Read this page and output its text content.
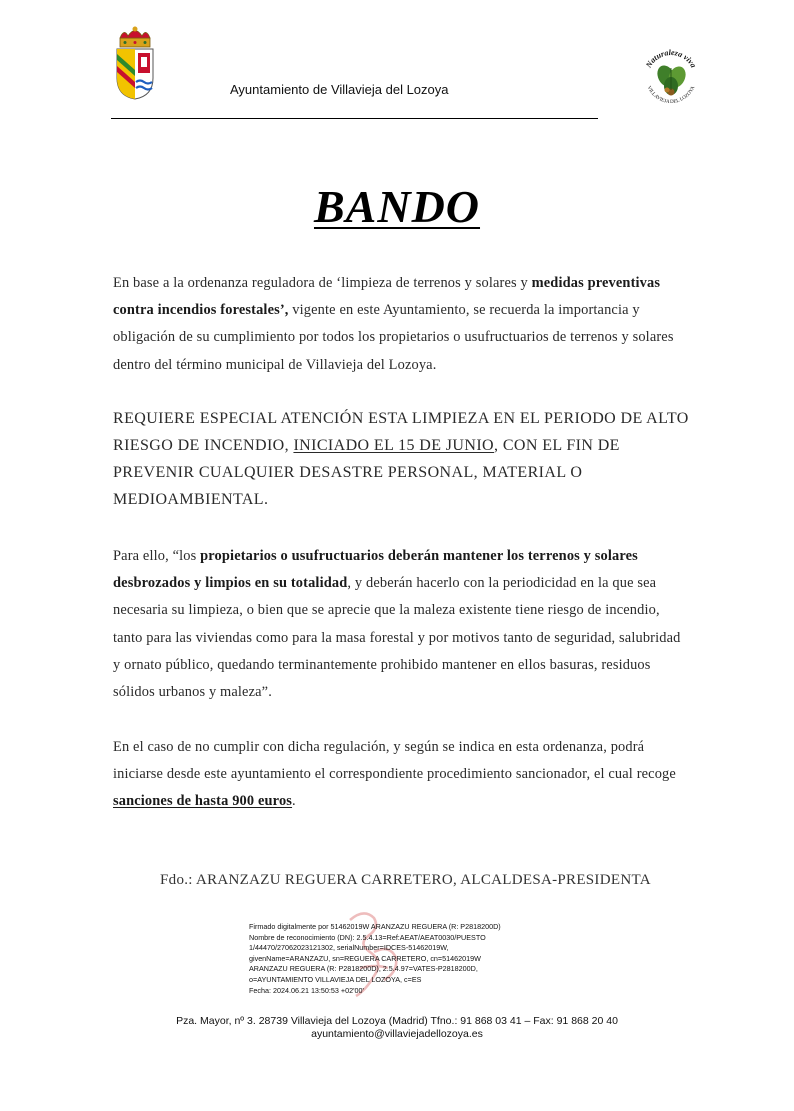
Ayuntamiento de Villavieja del Lozoya
Naturaleza viva
VILLAVIEJA DEL LOZOYA
BANDO
En base a la ordenanza reguladora de ‘limpieza de terrenos y solares y medidas preventivas contra incendios forestales’, vigente en este Ayuntamiento, se recuerda la importancia y obligación de su cumplimiento por todos los propietarios o usufructuarios de terrenos y solares dentro del término municipal de Villavieja del Lozoya.
REQUIERE ESPECIAL ATENCIÓN ESTA LIMPIEZA EN EL PERIODO DE ALTO RIESGO DE INCENDIO, INICIADO EL 15 DE JUNIO, CON EL FIN DE PREVENIR CUALQUIER DESASTRE PERSONAL, MATERIAL O MEDIOAMBIENTAL.
Para ello, “los propietarios o usufructuarios deberán mantener los terrenos y solares desbrozados y limpios en su totalidad, y deberán hacerlo con la periodicidad en la que sea necesaria su limpieza, o bien que se aprecie que la maleza existente tiene riesgo de incendio, tanto para las viviendas como para la masa forestal y por motivos tanto de seguridad, salubridad y ornato público, quedando terminantemente prohibido mantener en ellos basuras, residuos sólidos urbanos y maleza”.
En el caso de no cumplir con dicha regulación, y según se indica en esta ordenanza, podrá iniciarse desde este ayuntamiento el correspondiente procedimiento sancionador, el cual recoge sanciones de hasta 900 euros.
Fdo.: ARANZAZU REGUERA CARRETERO, ALCALDESA-PRESIDENTA
Firmado digitalmente por 51462019W ARANZAZU REGUERA (R: P2818200D)
Nombre de reconocimiento (DN): 2.5.4.13=Ref:AEAT/AEAT0030/PUESTO
1/44470/27062023121302, serialNumber=IDCES-51462019W,
givenName=ARANZAZU, sn=REGUERA CARRETERO, cn=51462019W
ARANZAZU REGUERA (R: P2818200D), 2.5.4.97=VATES-P2818200D,
o=AYUNTAMIENTO VILLAVIEJA DEL LOZOYA, c=ES
Fecha: 2024.06.21 13:50:53 +02'00'
Pza. Mayor, nº 3. 28739 Villavieja del Lozoya (Madrid) Tfno.: 91 868 03 41 – Fax: 91 868 20 40
ayuntamiento@villaviejadellozoya.es
